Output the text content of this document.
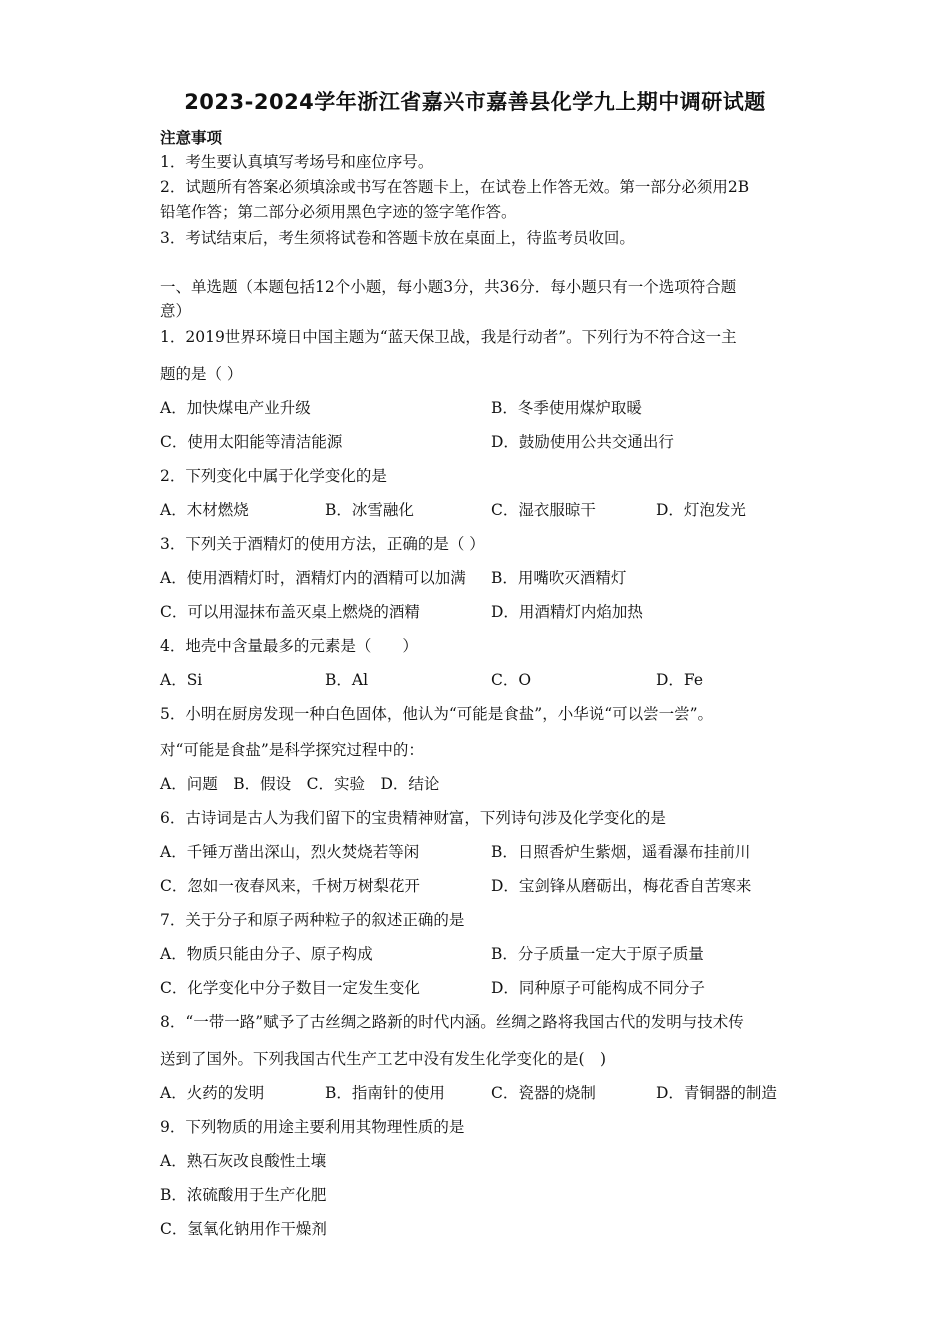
2023-2024学年浙江省嘉兴市嘉善县化学九上期中调研试题
注意事项
1．考生要认真填写考场号和座位序号。
2．试题所有答案必须填涂或书写在答题卡上，在试卷上作答无效。第一部分必须用2B
铅笔作答；第二部分必须用黑色字迹的签字笔作答。
3．考试结束后，考生须将试卷和答题卡放在桌面上，待监考员收回。
一、单选题（本题包括12个小题，每小题3分，共36分．每小题只有一个选项符合题
意）
1．2019世界环境日中国主题为“蓝天保卫战，我是行动者”。下列行为不符合这一主
题的是（ ）
A．加快煤电产业升级	B．冬季使用煤炉取暖
C．使用太阳能等清洁能源	D．鼓励使用公共交通出行
2．下列变化中属于化学变化的是
A．木材燃烧	B．冰雪融化	C．湿衣服晾干	D．灯泡发光
3．下列关于酒精灯的使用方法，正确的是（ ）
A．使用酒精灯时，酒精灯内的酒精可以加满 B．用嘴吹灭酒精灯
C．可以用湿抹布盖灭桌上燃烧的酒精	D．用酒精灯内焰加热
4．地壳中含量最多的元素是（　　）
A．Si	B．Al	C．O	D．Fe
5．小明在厨房发现一种白色固体，他认为“可能是食盐”，小华说“可以尝一尝”。
对“可能是食盐”是科学探究过程中的：
A．问题　B．假设　C．实验　D．结论
6．古诗词是古人为我们留下的宝贵精神财富，下列诗句涉及化学变化的是
A．千锤万凿出深山，烈火焚烧若等闲	B．日照香炉生紫烟，遥看瀑布挂前川
C．忽如一夜春风来，千树万树梨花开	D．宝剑锋从磨砺出，梅花香自苦寒来
7．关于分子和原子两种粒子的叙述正确的是
A．物质只能由分子、原子构成	B．分子质量一定大于原子质量
C．化学变化中分子数目一定发生变化	D．同种原子可能构成不同分子
8．“一带一路”赋予了古丝绸之路新的时代内涵。丝绸之路将我国古代的发明与技术传
送到了国外。下列我国古代生产工艺中没有发生化学变化的是(　)
A．火药的发明	B．指南针的使用	C．瓷器的烧制	D．青铜器的制造
9．下列物质的用途主要利用其物理性质的是
A．熟石灰改良酸性土壤
B．浓硫酸用于生产化肥
C．氢氧化钠用作干燥剂
